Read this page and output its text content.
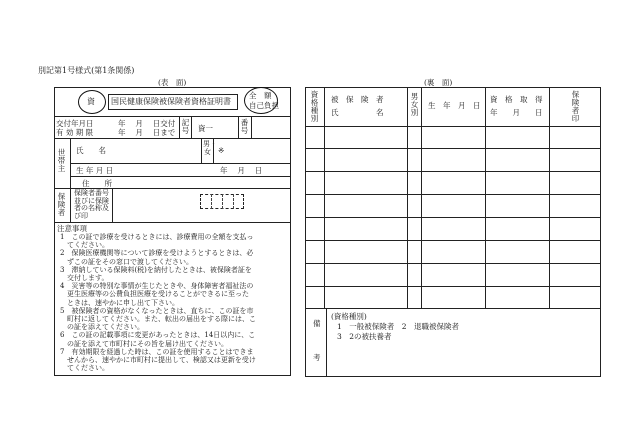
別記第1号様式(第1条関係)
(表　面)	(裏　面)
資 国民健康保険被保険者資格証明書
全　額
自己負担
交付年月日
有 効 期 限
年　 月　 日交付
年　 月　 日まで
記号 資一
番号
世帯主
氏　　名
男・女 ※
生 年 月 日	年　 月　 日
住　　所
保険者
保険者番号
並びに保険
者の名称及
び印
注意事項
1　この証で診療を受けるときには、診療費用の全額を支払っ
　てください。
2　保険医療機関等について診療を受けようとするときは、必
　ずこの証をその窓口で渡してください。
3　滞納している保険料(税)を納付したときは、被保険者証を
　交付します。
4　災害等の特別な事情が生じたときや、身体障害者福祉法の
　更生医療等の公費負担医療を受けることができるに至った
　ときは、速やかに申し出て下さい。
5　被保険者の資格がなくなったときは、直ちに、この証を市
　町村に返してください。また、転出の届出をする際には、こ
　の証を添えてください。
6　この証の記載事項に変更があったときは、14日以内に、こ
　の証を添えて市町村にその旨を届け出てください。
7　有効期限を経過した時は、この証を使用することはできま
　せんから、速やかに市町村に提出して、検認又は更新を受け
　てください。
資格種別
被　保　険　者
氏　　　　　名
男女別
生　年　月　日
資　格　取　得
年　　月　　日
保険者印
備
考
(資格種別)
1　一般被保険者　2　退職被保険者
3　2の被扶養者
